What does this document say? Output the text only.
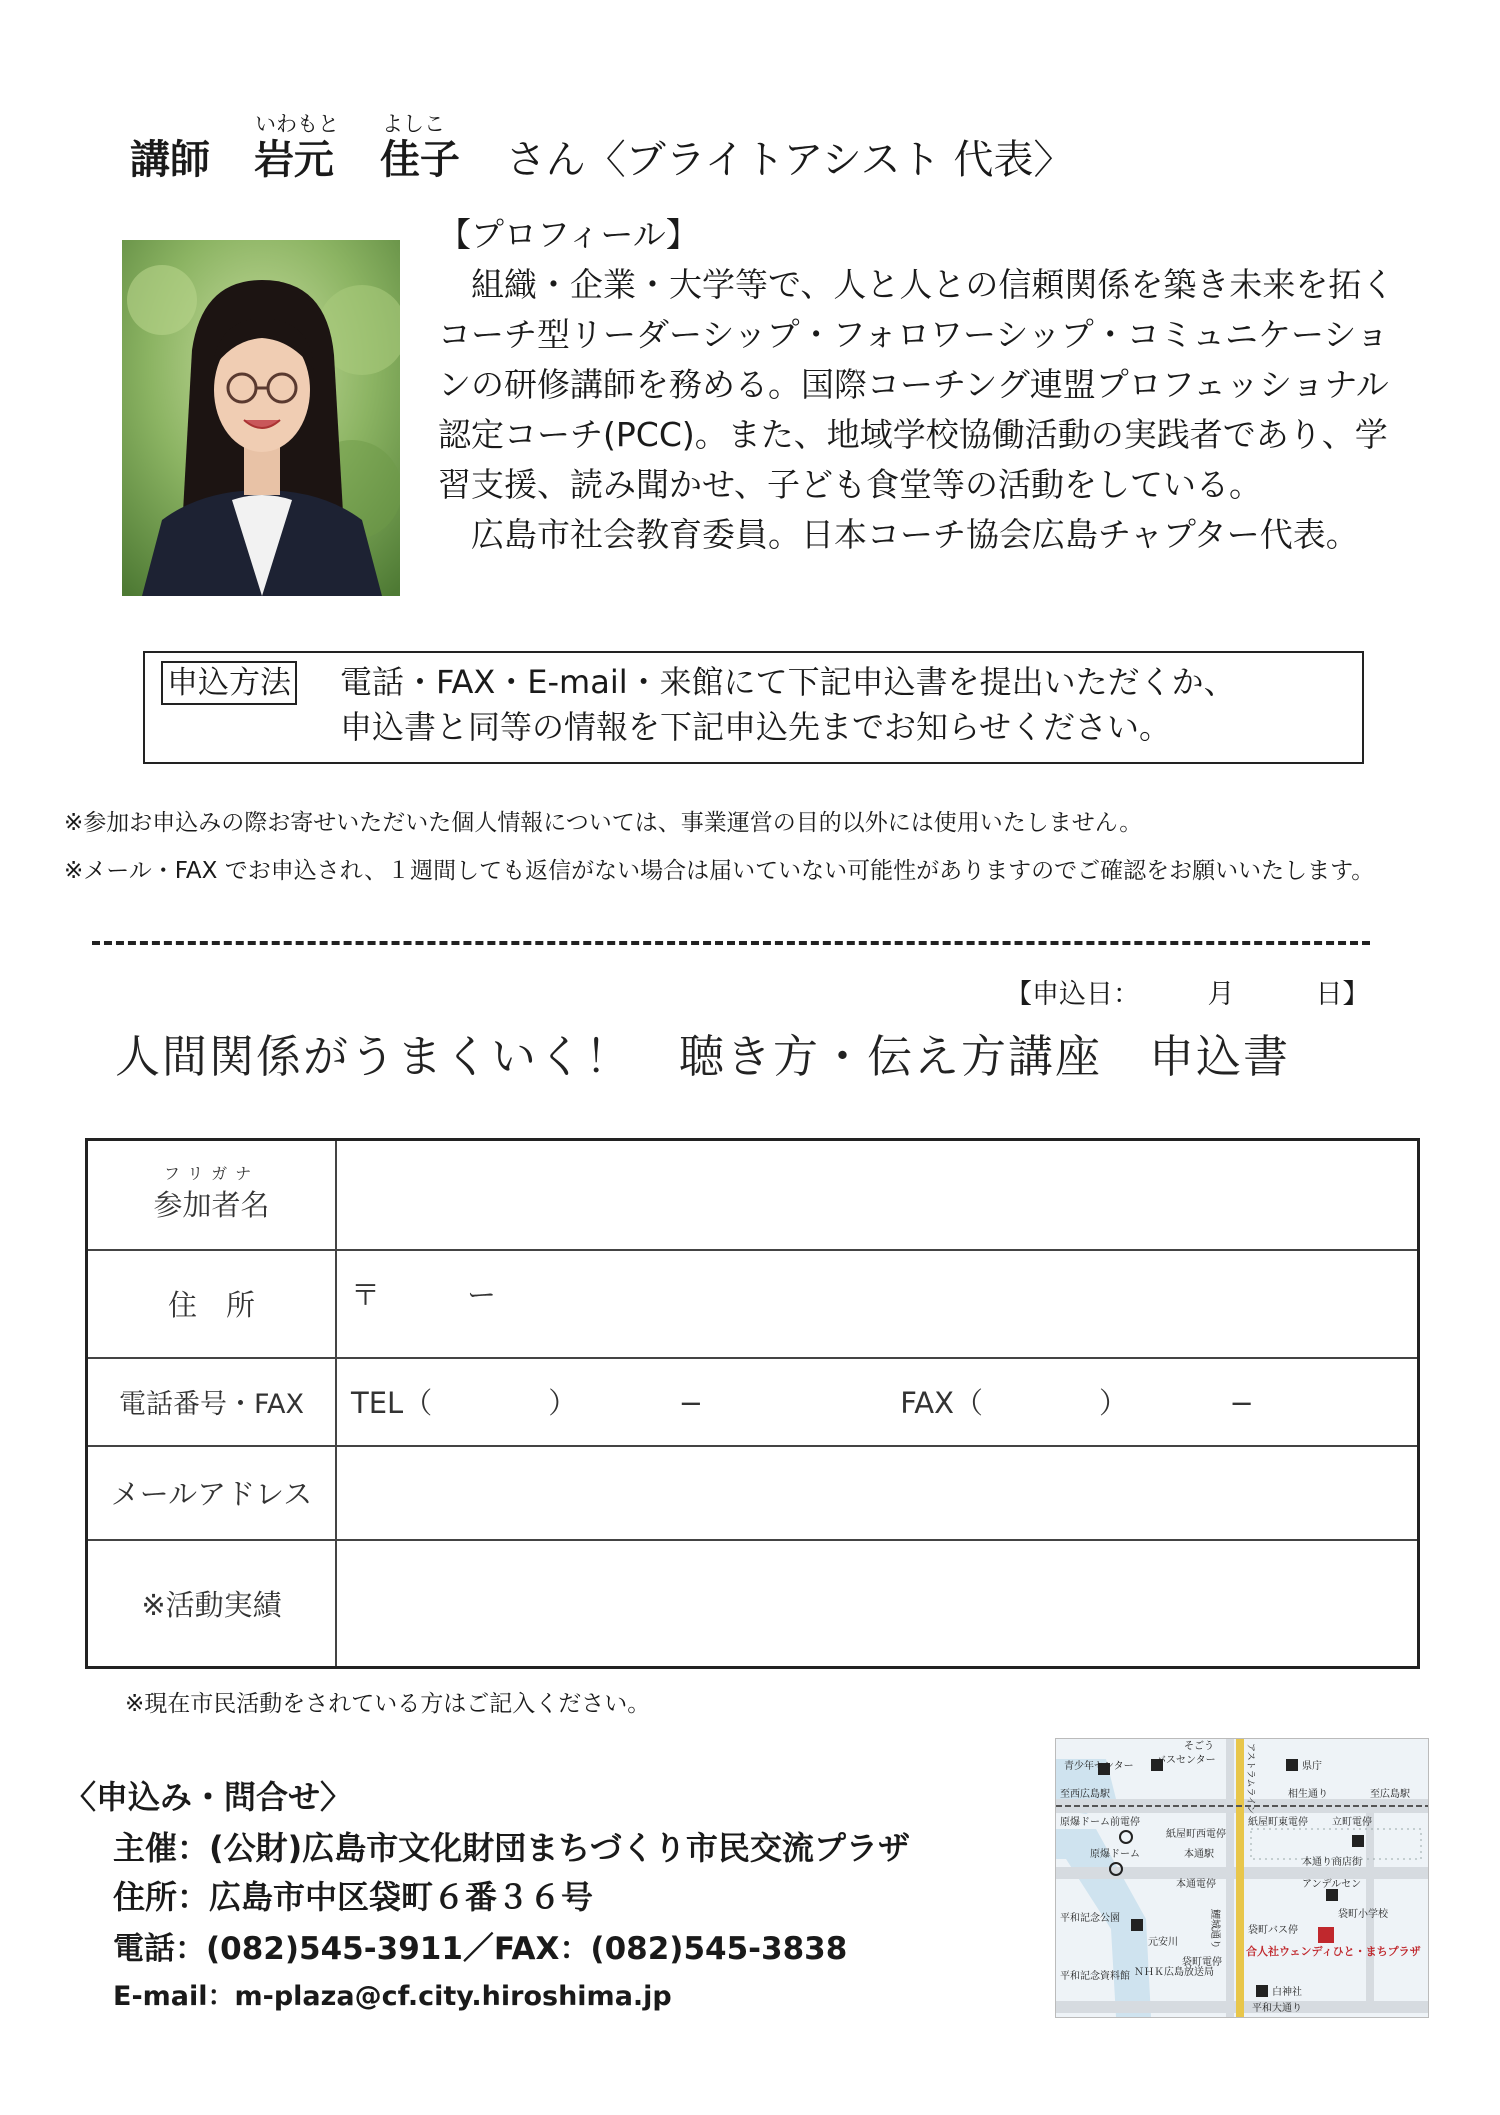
いわもと よしこ
講師 岩元 佳子 さん〈ブライトアシスト 代表〉

【プロフィール】

　組織・企業・大学等で、人と人との信頼関係を築き未来を拓く

コーチ型リーダーシップ・フォロワーシップ・コミュニケーショ

ンの研修講師を務める。国際コーチング連盟プロフェッショナル

認定コーチ(PCC)。また、地域学校協働活動の実践者であり、学

習支援、読み聞かせ、子ども食堂等の活動をしている。

　広島市社会教育委員。日本コーチ協会広島チャプター代表。

申込方法 電話・FAX・E-mail・来館にて下記申込書を提出いただくか、
申込書と同等の情報を下記申込先までお知らせください。
※参加お申込みの際お寄せいただいた個人情報については、事業運営の目的以外には使用いたしません。
※メール・FAX でお申込され、１週間しても返信がない場合は届いていない可能性がありますのでご確認をお願いいたします。
【申込日：　　　月　　　日】
人間関係がうまくいく！　聴き方・伝え方講座　申込書
フリガナ
参加者名	

住　所	〒　　　ー
電話番号・FAX	TEL（　　　　）　　　　− FAX（　　　　）　　　　−
メールアドレス	
※活動実績	
※現在市民活動をされている方はご記入ください。
〈申込み・問合せ〉
主催：(公財)広島市文化財団まちづくり市民交流プラザ
住所：広島市中区袋町６番３６号
電話：(082)545-3911／FAX：(082)545-3838
E-mail：m-plaza@cf.city.hiroshima.jp
そごう
バスセンター
県庁
青少年センター
至西広島駅	相生通り	至広島駅
原爆ドーム前電停	紙屋町東電停
紙屋町西電停
立町電停
原爆ドーム	本通駅
本通り商店街
アンデルセン
本通電停
平和記念公園
元安川
袋町バス停
袋町小学校
平和記念資料館 ＮＨＫ広島放送局
袋町電停
白神社
平和大通り
鯉城通り
アストラムライン
合人社ウェンディひと・まちプラザ
